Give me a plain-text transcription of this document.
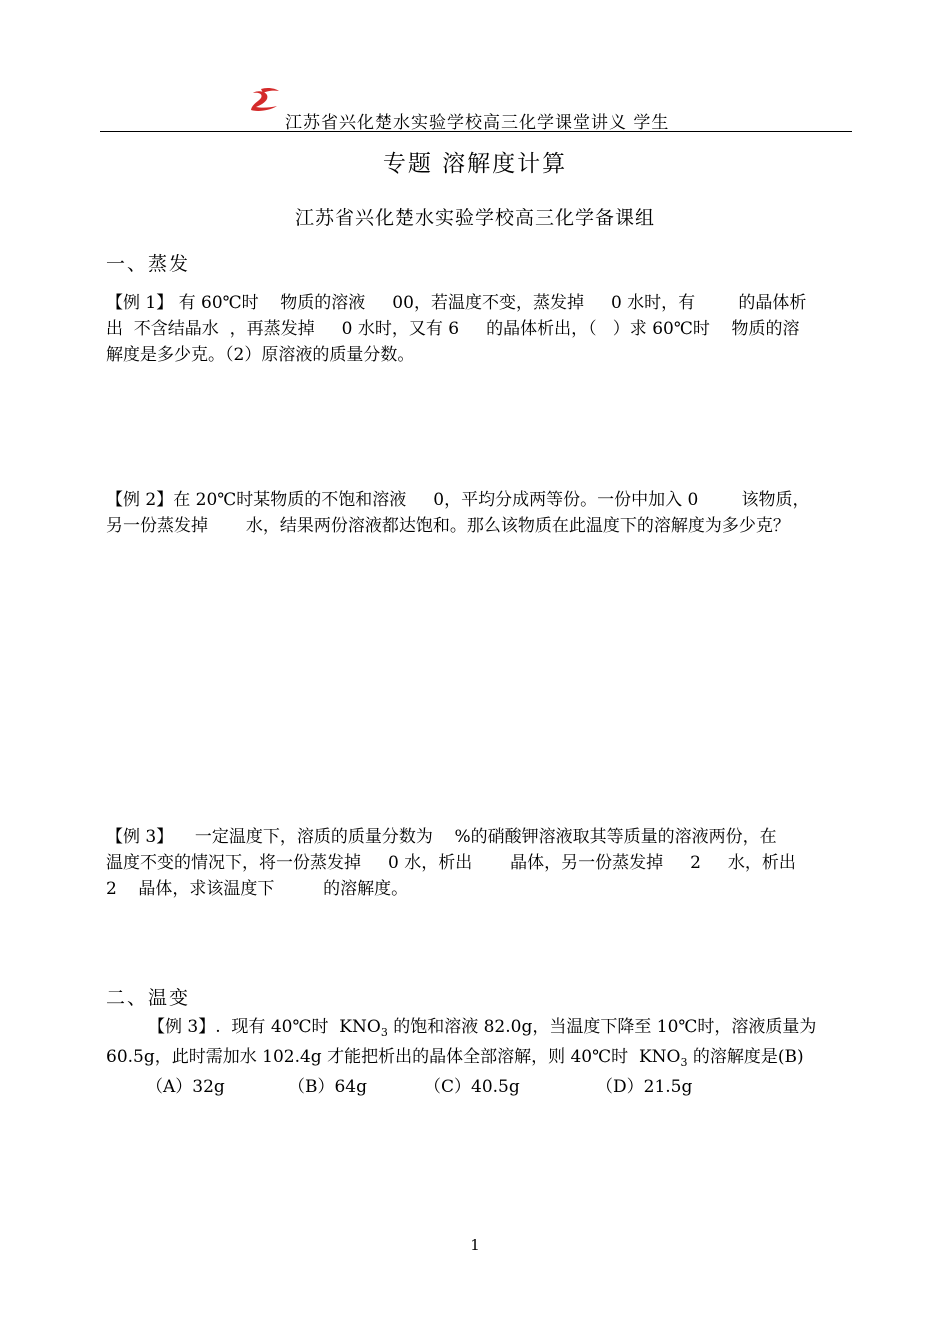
江苏省兴化楚水实验学校高三化学课堂讲义 学生
专题 溶解度计算
江苏省兴化楚水实验学校高三化学备课组
一、蒸发
【例 1】 有 60℃时    物质的溶液     00，若温度不变，蒸发掉     0 水时，有        的晶体析
出  不含结晶水  ，再蒸发掉     0 水时，又有 6     的晶体析出，（   ）求 60℃时    物质的溶
解度是多少克。（2）原溶液的质量分数。
【例 2】在 20℃时某物质的不饱和溶液     0，平均分成两等份。一份中加入 0        该物质，
另一份蒸发掉       水，结果两份溶液都达饱和。那么该物质在此温度下的溶解度为多少克？
【例 3】    一定温度下，溶质的质量分数为    %的硝酸钾溶液取其等质量的溶液两份，在
温度不变的情况下，将一份蒸发掉     0 水，析出       晶体，另一份蒸发掉     2     水，析出
2    晶体，求该温度下         的溶解度。
二、温变
【例 3】.  现有 40℃时  $KNO_3$ 的饱和溶液 82.0g，当温度下降至 10℃时，溶液质量为
60.5g，此时需加水 102.4g 才能把析出的晶体全部溶解，则 40℃时  $KNO_3$ 的溶解度是(B)
（A）32g	（B）64g	（C）40.5g	（D）21.5g
1
